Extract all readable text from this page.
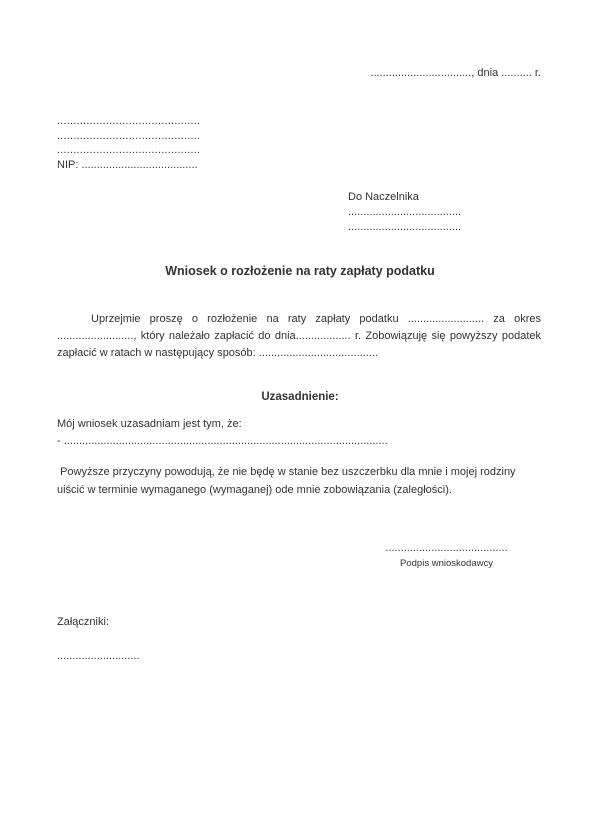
................................., dnia .......... r.
............................................
............................................
............................................
NIP: ......................................
Do Naczelnika
.....................................
.....................................
Wniosek o rozłożenie na raty zapłaty podatku

Uprzejmie proszę o rozłożenie na raty zapłaty podatku ......................... za okres ........................., który należało zapłacić do dnia.................. r. Zobowiązuję się powyższy podatek zapłacić w ratach w następujący sposób: .......................................

Uzasadnienie:
Mój wniosek uzasadniam jest tym, że:
- ..........................................................................................................

Powyższe przyczyny powodują, że nie będę w stanie bez uszczerbku dla mnie i mojej rodziny uiścić w terminie wymaganego (wymaganej) ode mnie zobowiązania (zaległości).

........................................
Podpis wnioskodawcy
Załączniki:
...........................
